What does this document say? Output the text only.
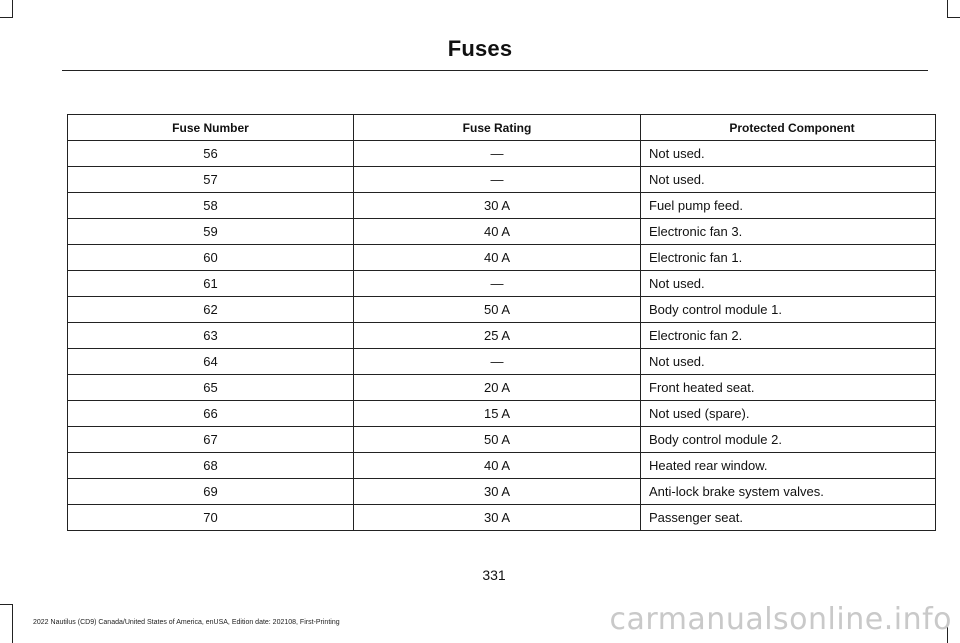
Fuses
Fuse Number	Fuse Rating	Protected Component
56	—	Not used.
57	—	Not used.
58	30 A	Fuel pump feed.
59	40 A	Electronic fan 3.
60	40 A	Electronic fan 1.
61	—	Not used.
62	50 A	Body control module 1.
63	25 A	Electronic fan 2.
64	—	Not used.
65	20 A	Front heated seat.
66	15 A	Not used (spare).
67	50 A	Body control module 2.
68	40 A	Heated rear window.
69	30 A	Anti-lock brake system valves.
70	30 A	Passenger seat.
331
2022 Nautilus (CD9) Canada/United States of America, enUSA, Edition date: 202108, First-Printing	carmanualsonline.info
